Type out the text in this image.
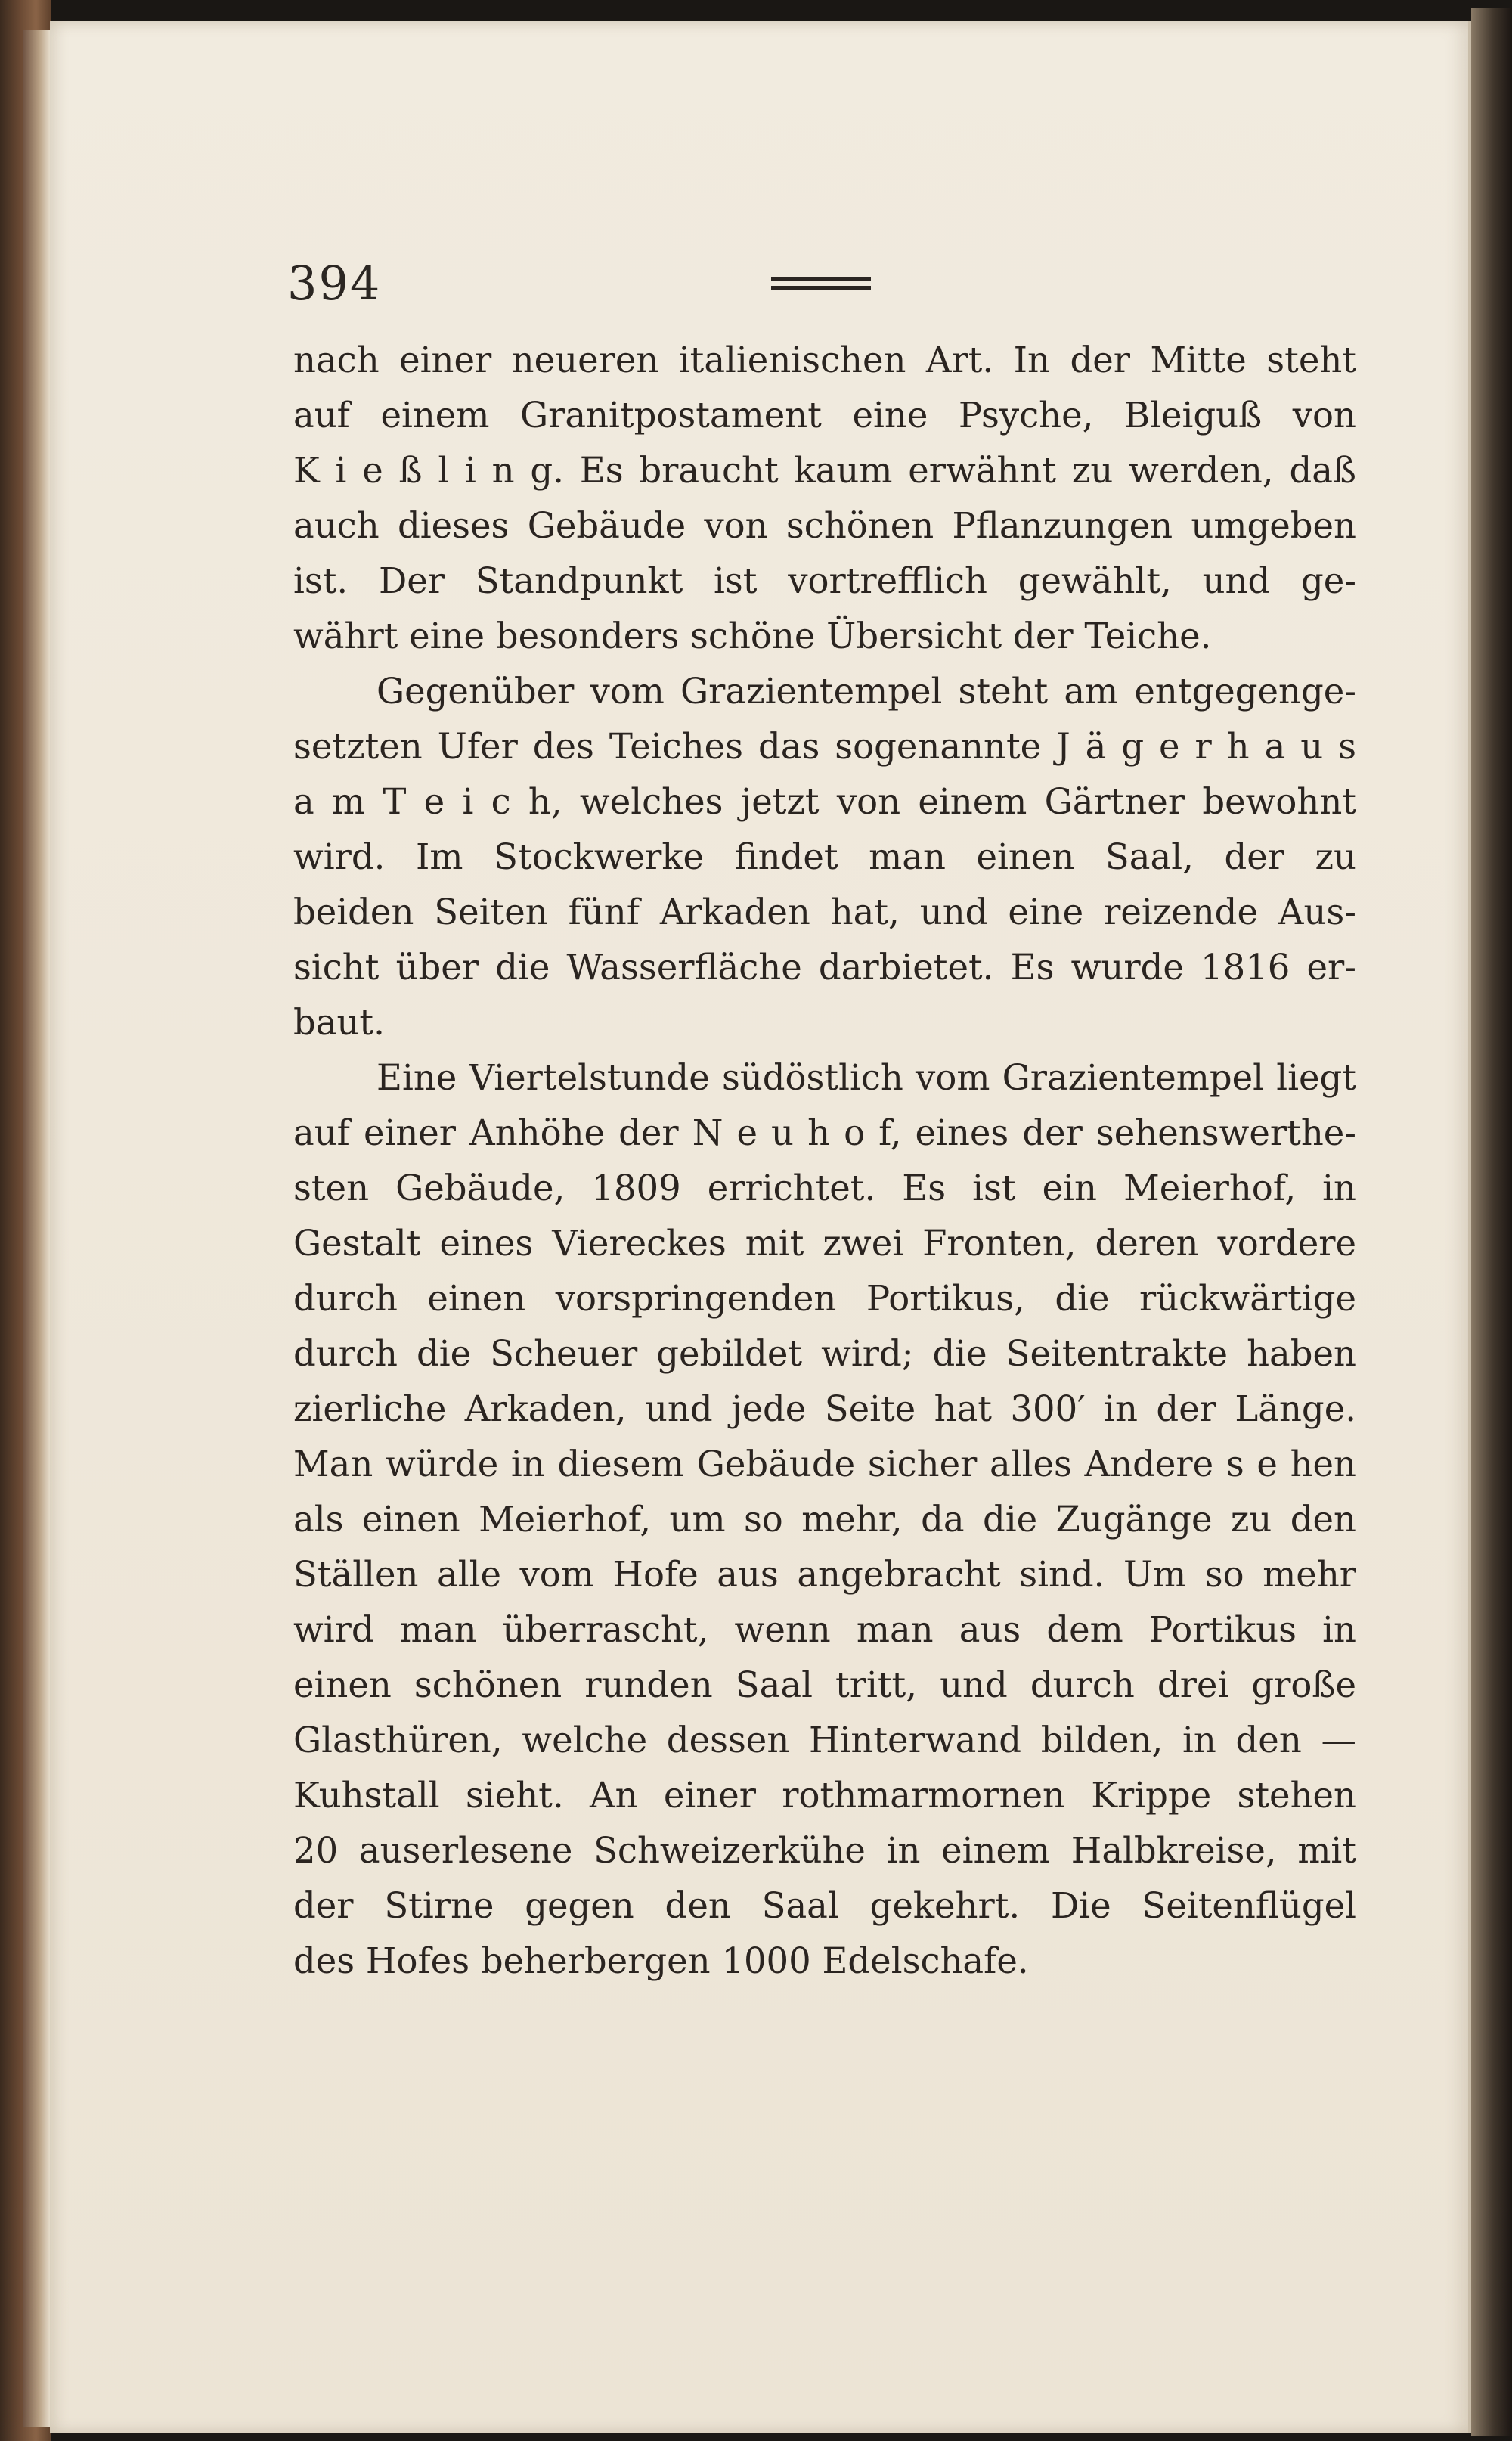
394
nach einer neueren italienischen Art. In der Mitte steht
auf einem Granitpostament eine Psyche, Bleiguß von
K i e ß l i n g. Es braucht kaum erwähnt zu werden, daß
auch dieses Gebäude von schönen Pflanzungen umgeben
ist. Der Standpunkt ist vortrefflich gewählt, und ge-
währt eine besonders schöne Übersicht der Teiche.
Gegenüber vom Grazientempel steht am entgegenge-
setzten Ufer des Teiches das sogenannte J ä g e r h a u s
a m T e i c h, welches jetzt von einem Gärtner bewohnt
wird. Im Stockwerke findet man einen Saal, der zu
beiden Seiten fünf Arkaden hat, und eine reizende Aus-
sicht über die Wasserfläche darbietet. Es wurde 1816 er-
baut.
Eine Viertelstunde südöstlich vom Grazientempel liegt
auf einer Anhöhe der N e u h o f, eines der sehenswerthe-
sten Gebäude, 1809 errichtet. Es ist ein Meierhof, in
Gestalt eines Viereckes mit zwei Fronten, deren vordere
durch einen vorspringenden Portikus, die rückwärtige
durch die Scheuer gebildet wird; die Seitentrakte haben
zierliche Arkaden, und jede Seite hat 300′ in der Länge.
Man würde in diesem Gebäude sicher alles Andere s e hen
als einen Meierhof, um so mehr, da die Zugänge zu den
Ställen alle vom Hofe aus angebracht sind. Um so mehr
wird man überrascht, wenn man aus dem Portikus in
einen schönen runden Saal tritt, und durch drei große
Glasthüren, welche dessen Hinterwand bilden, in den —
Kuhstall sieht. An einer rothmarmornen Krippe stehen
20 auserlesene Schweizerkühe in einem Halbkreise, mit
der Stirne gegen den Saal gekehrt. Die Seitenflügel
des Hofes beherbergen 1000 Edelschafe.
